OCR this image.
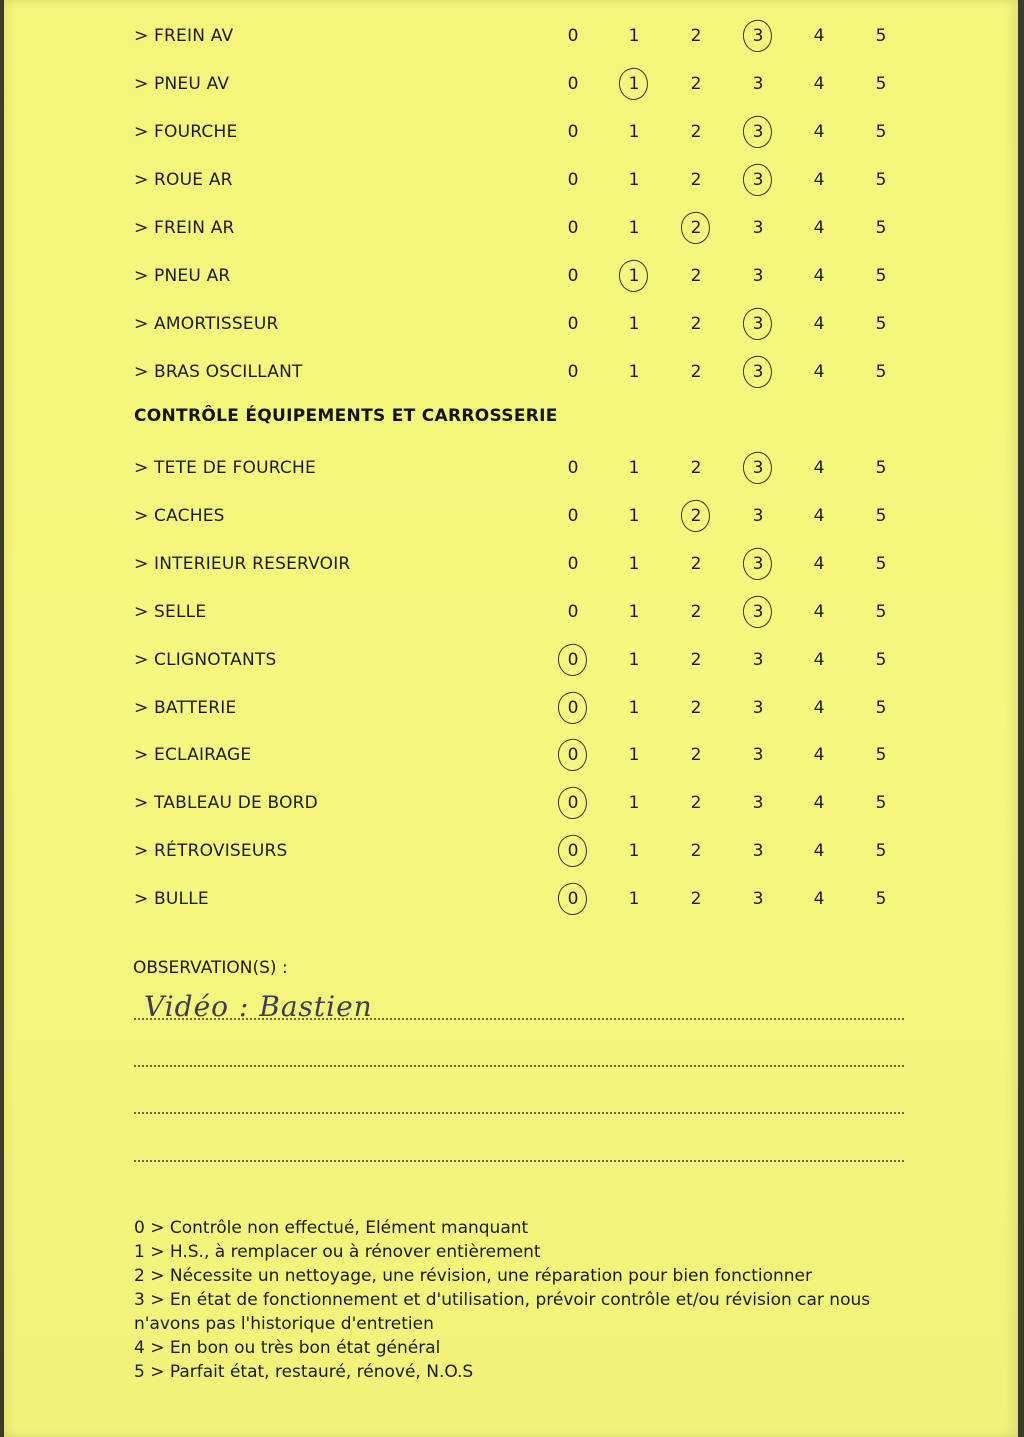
> FREIN AV	0	1	2	3	4	5
> PNEU AV	0	1	2	3	4	5
> FOURCHE	0	1	2	3	4	5
> ROUE AR	0	1	2	3	4	5
> FREIN AR	0	1	2	3	4	5
> PNEU AR	0	1	2	3	4	5
> AMORTISSEUR	0	1	2	3	4	5
> BRAS OSCILLANT	0	1	2	3	4	5
CONTRÔLE ÉQUIPEMENTS ET CARROSSERIE
> TETE DE FOURCHE	0	1	2	3	4	5
> CACHES	0	1	2	3	4	5
> INTERIEUR RESERVOIR	0	1	2	3	4	5
> SELLE	0	1	2	3	4	5
> CLIGNOTANTS	0	1	2	3	4	5
> BATTERIE	0	1	2	3	4	5
> ECLAIRAGE	0	1	2	3	4	5
> TABLEAU DE BORD	0	1	2	3	4	5
> RÉTROVISEURS	0	1	2	3	4	5
> BULLE	0	1	2	3	4	5
OBSERVATION(S) :
Vidéo : Bastien

0 > Contrôle non effectué, Elément manquant

1 > H.S., à remplacer ou à rénover entièrement

2 > Nécessite un nettoyage, une révision, une réparation pour bien fonctionner

3 > En état de fonctionnement et d'utilisation, prévoir contrôle et/ou révision car nous n'avons pas l'historique d'entretien

4 > En bon ou très bon état général

5 > Parfait état, restauré, rénové, N.O.S
